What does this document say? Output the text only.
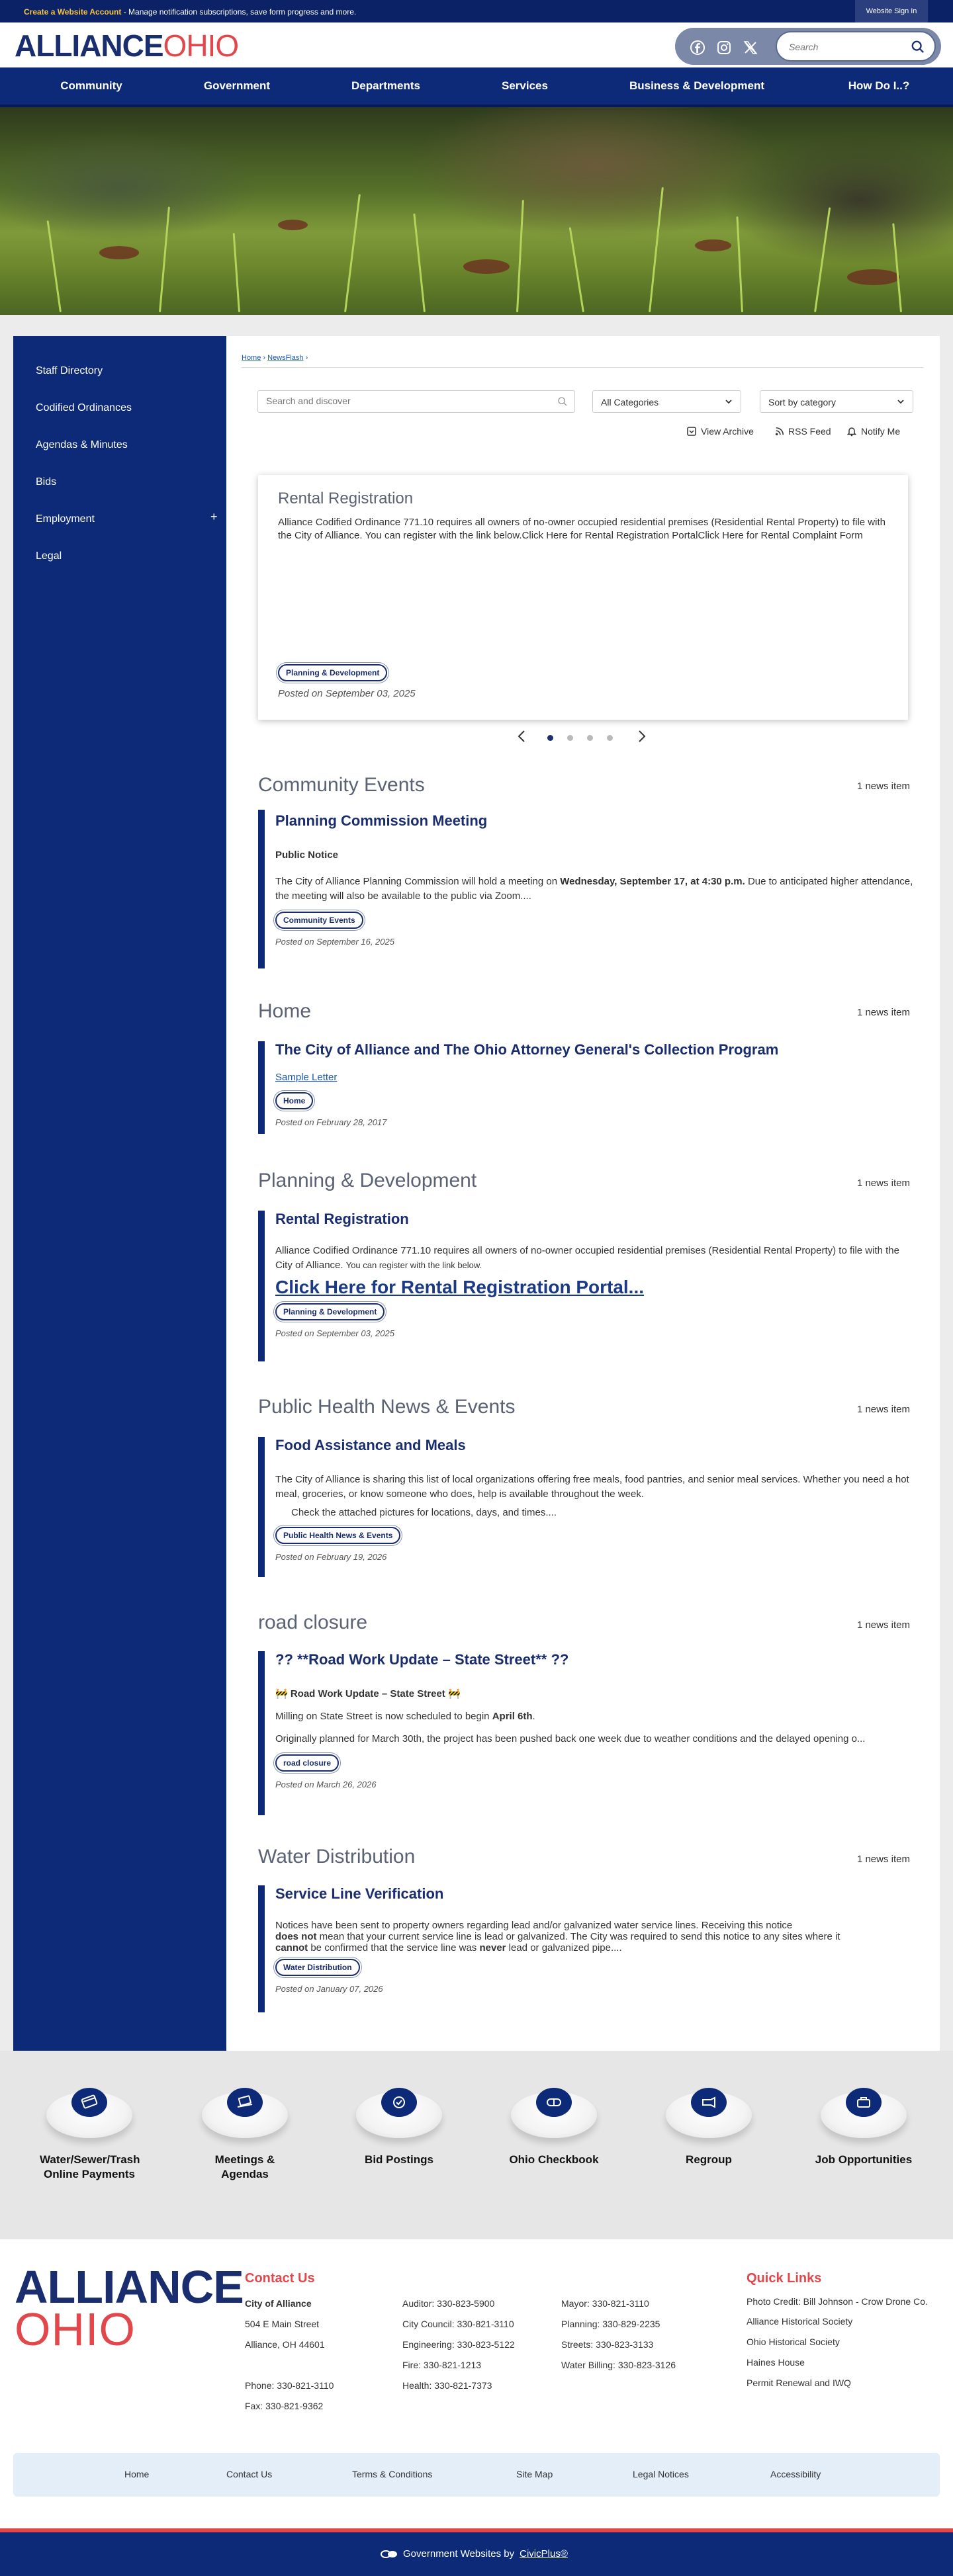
Create a Website Account - Manage notification subscriptions, save form progress and more.	Website Sign In
ALLIANCEOHIO
Search
Community	Government	Departments	Services	Business & Development	How Do I..?
Staff Directory
Codified Ordinances
Agendas & Minutes
Bids
Employment	+
Legal
Home › NewsFlash ›
Search and discover
All Categories	Sort by category
View Archive	RSS Feed	Notify Me
Rental Registration
Alliance Codified Ordinance 771.10 requires all owners of no-owner occupied residential premises (Residential Rental Property) to file with the City of Alliance. You can register with the link below.Click Here for Rental Registration PortalClick Here for Rental Complaint Form
Planning & Development
Posted on September 03, 2025
Community Events	1 news item
Planning Commission Meeting
Public Notice
The City of Alliance Planning Commission will hold a meeting on Wednesday, September 17, at 4:30 p.m. Due to anticipated higher attendance, the meeting will also be available to the public via Zoom....
Community Events
Posted on September 16, 2025
Home	1 news item
The City of Alliance and The Ohio Attorney General's Collection Program
Sample Letter
Home
Posted on February 28, 2017
Planning & Development	1 news item
Rental Registration
Alliance Codified Ordinance 771.10 requires all owners of no-owner occupied residential premises (Residential Rental Property) to file with the City of Alliance. You can register with the link below.
Click Here for Rental Registration Portal...
Planning & Development
Posted on September 03, 2025
Public Health News & Events	1 news item
Food Assistance and Meals
The City of Alliance is sharing this list of local organizations offering free meals, food pantries, and senior meal services. Whether you need a hot meal, groceries, or know someone who does, help is available throughout the week.
Check the attached pictures for locations, days, and times....
Public Health News & Events
Posted on February 19, 2026
road closure	1 news item
?? **Road Work Update – State Street** ??
🚧 Road Work Update – State Street 🚧
Milling on State Street is now scheduled to begin April 6th.
Originally planned for March 30th, the project has been pushed back one week due to weather conditions and the delayed opening o...
road closure
Posted on March 26, 2026
Water Distribution	1 news item
Service Line Verification
Notices have been sent to property owners regarding lead and/or galvanized water service lines. Receiving this notice
does not mean that your current service line is lead or galvanized. The City was required to send this notice to any sites where it
cannot be confirmed that the service line was never lead or galvanized pipe....
Water Distribution
Posted on January 07, 2026
Water/Sewer/Trash Online Payments
Meetings & Agendas
Bid Postings	Ohio Checkbook	Regroup	Job Opportunities
ALLIANCE
OHIO
Contact Us
City of Alliance
504 E Main Street
Alliance, OH 44601
Phone: 330-821-3110
Fax: 330-821-9362
Auditor: 330-823-5900
City Council: 330-821-3110
Engineering: 330-823-5122
Fire: 330-821-1213
Health: 330-821-7373
Mayor: 330-821-3110
Planning: 330-829-2235
Streets: 330-823-3133
Water Billing: 330-823-3126
Quick Links
Photo Credit: Bill Johnson - Crow Drone Co.
Alliance Historical Society
Ohio Historical Society
Haines House
Permit Renewal and IWQ
Home	Contact Us	Terms & Conditions	Site Map	Legal Notices	Accessibility
Government Websites by CivicPlus®
